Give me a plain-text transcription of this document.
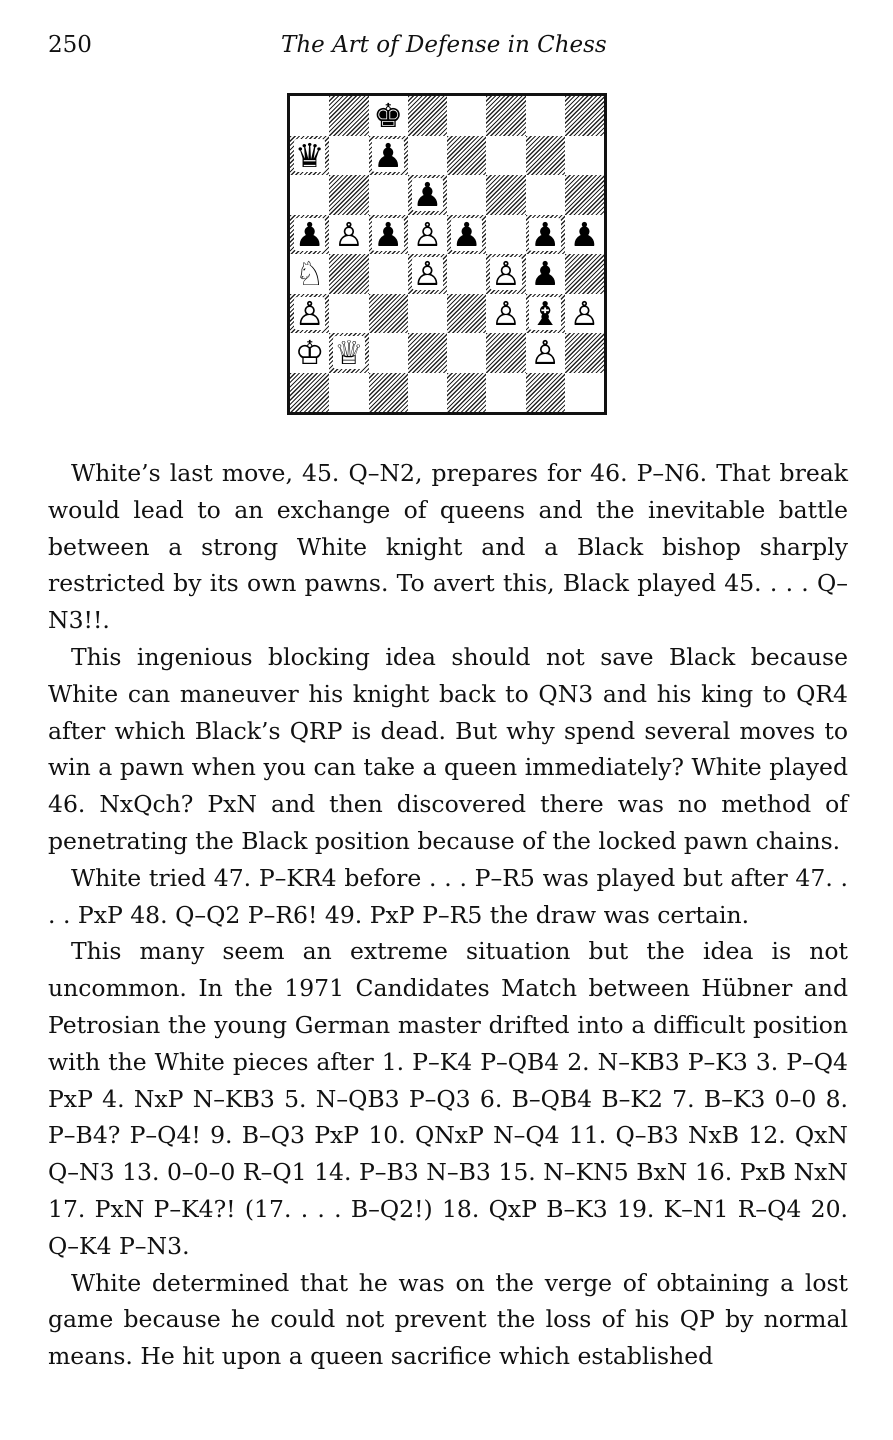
250	The Art of Defense in Chess
♚
♛ ♟
♟
♟ ♙ ♟ ♙ ♟ ♟ ♟
♘	♙ ♙ ♟
♙	♙ ♝ ♙
♔ ♕	♙

White’s last move, 45. Q–N2, prepares for 46. P–N6. That break would lead to an exchange of queens and the inevitable battle between a strong White knight and a Black bishop sharply restricted by its own pawns. To avert this, Black played 45. . . . Q–N3!!.

This ingenious blocking idea should not save Black because White can maneuver his knight back to QN3 and his king to QR4 after which Black’s QRP is dead. But why spend several moves to win a pawn when you can take a queen immediately? White played 46. NxQch? PxN and then discovered there was no method of penetrating the Black position because of the locked pawn chains.

White tried 47. P–KR4 before . . . P–R5 was played but after 47. . . . PxP 48. Q–Q2 P–R6! 49. PxP P–R5 the draw was certain.

This many seem an extreme situation but the idea is not uncommon. In the 1971 Candidates Match between Hübner and Petrosian the young German master drifted into a difficult position with the White pieces after 1. P–K4 P–QB4 2. N–KB3 P–K3 3. P–Q4 PxP 4. NxP N–KB3 5. N–QB3 P–Q3 6. B–QB4 B–K2 7. B–K3 0–0 8. P–B4? P–Q4! 9. B–Q3 PxP 10. QNxP N–Q4 11. Q–B3 NxB 12. QxN Q–N3 13. 0–0–0 R–Q1 14. P–B3 N–B3 15. N–KN5 BxN 16. PxB NxN 17. PxN P–K4?! (17. . . . B–Q2!) 18. QxP B–K3 19. K–N1 R–Q4 20. Q–K4 P–N3.

White determined that he was on the verge of obtaining a lost game because he could not prevent the loss of his QP by normal means. He hit upon a queen sacrifice which established
